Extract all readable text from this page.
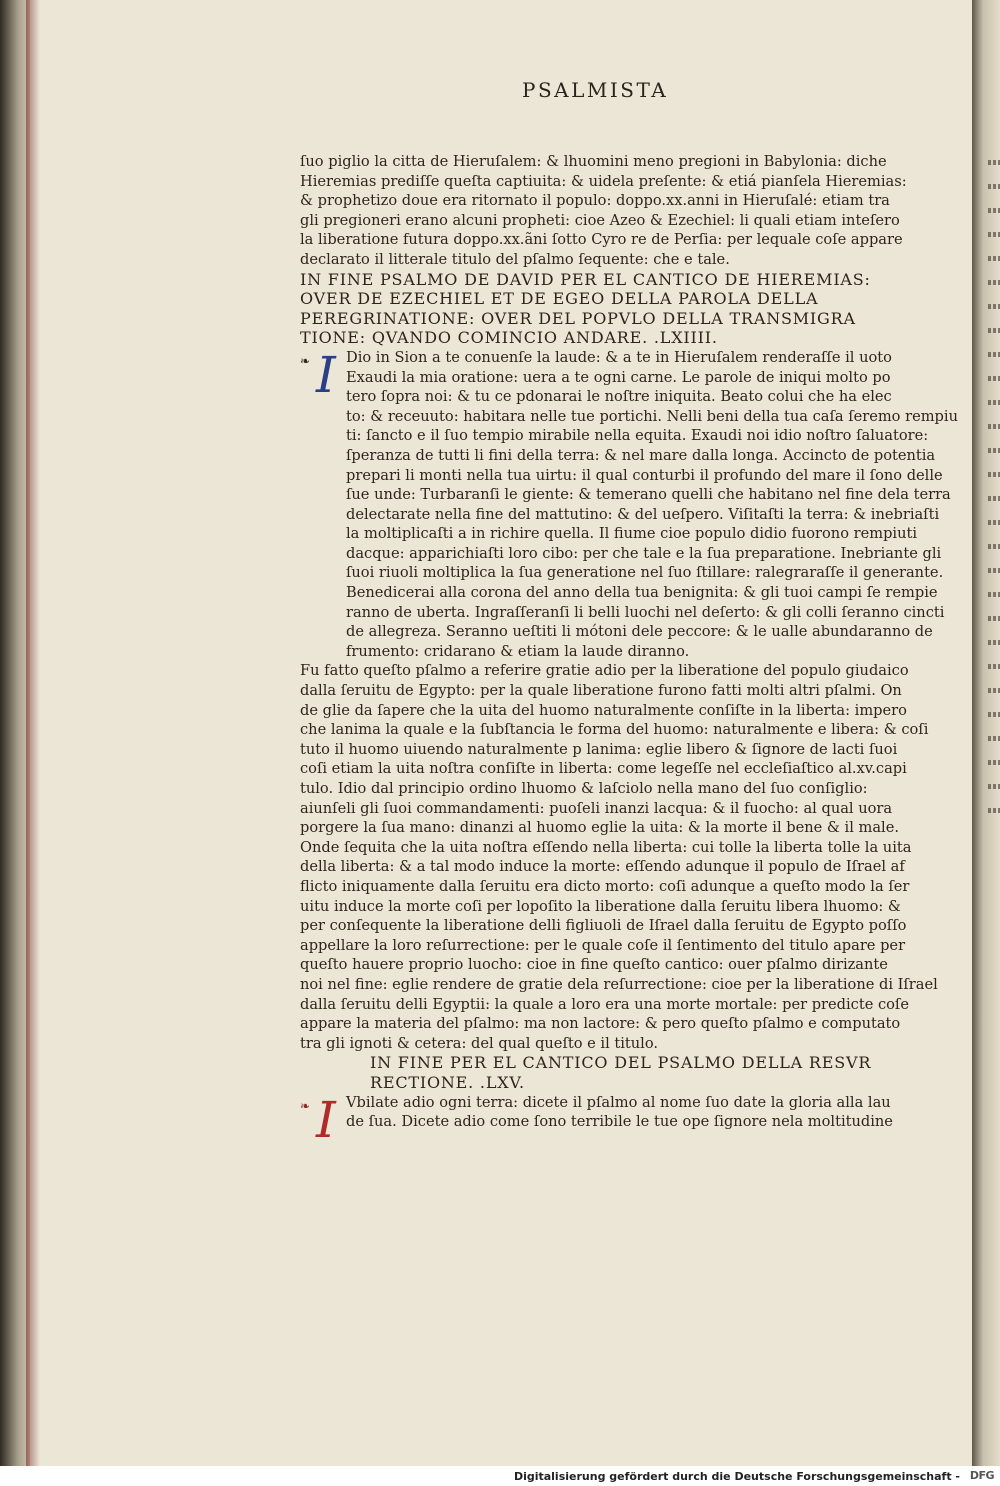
PSALMISTA
ſuo piglio la citta de Hieruſalem: & lhuomini meno pregioni in Babylonia: diche
Hieremias prediſſe queſta captiuita: & uidela preſente: & etiá pianſela Hieremias:
& prophetizo doue era ritornato il populo: doppo.xx.anni in Hieruſalé: etiam tra
gli pregioneri erano alcuni propheti: cioe Azeo & Ezechiel: li quali etiam inteſero
la liberatione futura doppo.xx.ãni ſotto Cyro re de Perſia: per lequale coſe appare
declarato il litterale titulo del pſalmo ſequente: che e tale.
IN FINE PSALMO DE DAVID PER EL CANTICO DE HIEREMIAS:
OVER DE EZECHIEL ET DE EGEO DELLA PAROLA DELLA
PEREGRINATIONE: OVER DEL POPVLO DELLA TRANSMIGRA
TIONE: QVANDO COMINCIO ANDARE. .LXIIII.
❧ I Dio in Sion a te conuenſe la laude: & a te in Hieruſalem renderaſſe il uoto
Exaudi la mia oratione: uera a te ogni carne. Le parole de iniqui molto po
tero ſopra noi: & tu ce pdonarai le noſtre iniquita. Beato colui che ha elec
to: & receuuto: habitara nelle tue portichi. Nelli beni della tua caſa ſeremo rempiu
ti: ſancto e il ſuo tempio mirabile nella equita. Exaudi noi idio noſtro ſaluatore:
ſperanza de tutti li fini della terra: & nel mare dalla longa. Accincto de potentia
prepari li monti nella tua uirtu: il qual conturbi il profundo del mare il ſono delle
ſue unde: Turbaranſi le giente: & temerano quelli che habitano nel fine dela terra
delectarate nella fine del mattutino: & del ueſpero. Viſitaſti la terra: & inebriaſti
la moltiplicaſti a in richire quella. Il fiume cioe populo didio fuorono rempiuti
dacque: apparichiaſti loro cibo: per che tale e la ſua preparatione. Inebriante gli
ſuoi riuoli moltiplica la ſua generatione nel ſuo ſtillare: ralegraraſſe il generante.
Benedicerai alla corona del anno della tua benignita: & gli tuoi campi ſe rempie
ranno de uberta. Ingraſſeranſi li belli luochi nel deſerto: & gli colli ſeranno cincti
de allegreza. Seranno ueſtiti li mótoni dele peccore: & le ualle abundaranno de
frumento: cridarano & etiam la laude diranno.
Fu fatto queſto pſalmo a referire gratie adio per la liberatione del populo giudaico
dalla ſeruitu de Egypto: per la quale liberatione furono fatti molti altri pſalmi. On
de glie da ſapere che la uita del huomo naturalmente conſiſte in la liberta: impero
che lanima la quale e la ſubſtancia le forma del huomo: naturalmente e libera: & coſi
tuto il huomo uiuendo naturalmente p lanima: eglie libero & ſignore de lacti ſuoi
coſi etiam la uita noſtra conſiſte in liberta: come legeſſe nel eccleſiaſtico al.xv.capi
tulo. Idio dal principio ordino lhuomo & laſciolo nella mano del ſuo conſiglio:
aiunſeli gli ſuoi commandamenti: puoſeli inanzi lacqua: & il fuocho: al qual uora
porgere la ſua mano: dinanzi al huomo eglie la uita: & la morte il bene & il male.
Onde ſequita che la uita noſtra eſſendo nella liberta: cui tolle la liberta tolle la uita
della liberta: & a tal modo induce la morte: eſſendo adunque il populo de Iſrael af
flicto iniquamente dalla ſeruitu era dicto morto: coſi adunque a queſto modo la ſer
uitu induce la morte coſi per lopoſito la liberatione dalla ſeruitu libera lhuomo: &
per conſequente la liberatione delli figliuoli de Iſrael dalla ſeruitu de Egypto poſſo
appellare la loro reſurrectione: per le quale coſe il ſentimento del titulo apare per
queſto hauere proprio luocho: cioe in fine queſto cantico: ouer pſalmo dirizante
noi nel fine: eglie rendere de gratie dela reſurrectione: cioe per la liberatione di Iſrael
dalla ſeruitu delli Egyptii: la quale a loro era una morte mortale: per predicte coſe
appare la materia del pſalmo: ma non lactore: & pero queſto pſalmo e computato
tra gli ignoti & cetera: del qual queſto e il titulo.
IN FINE PER EL CANTICO DEL PSALMO DELLA RESVR
RECTIONE. .LXV.
❧ I Vbilate adio ogni terra: dicete il pſalmo al nome ſuo date la gloria alla lau
de ſua. Dicete adio come ſono terribile le tue ope ſignore nela moltitudine
Digitalisierung gefördert durch die Deutsche Forschungsgemeinschaft - DFG
